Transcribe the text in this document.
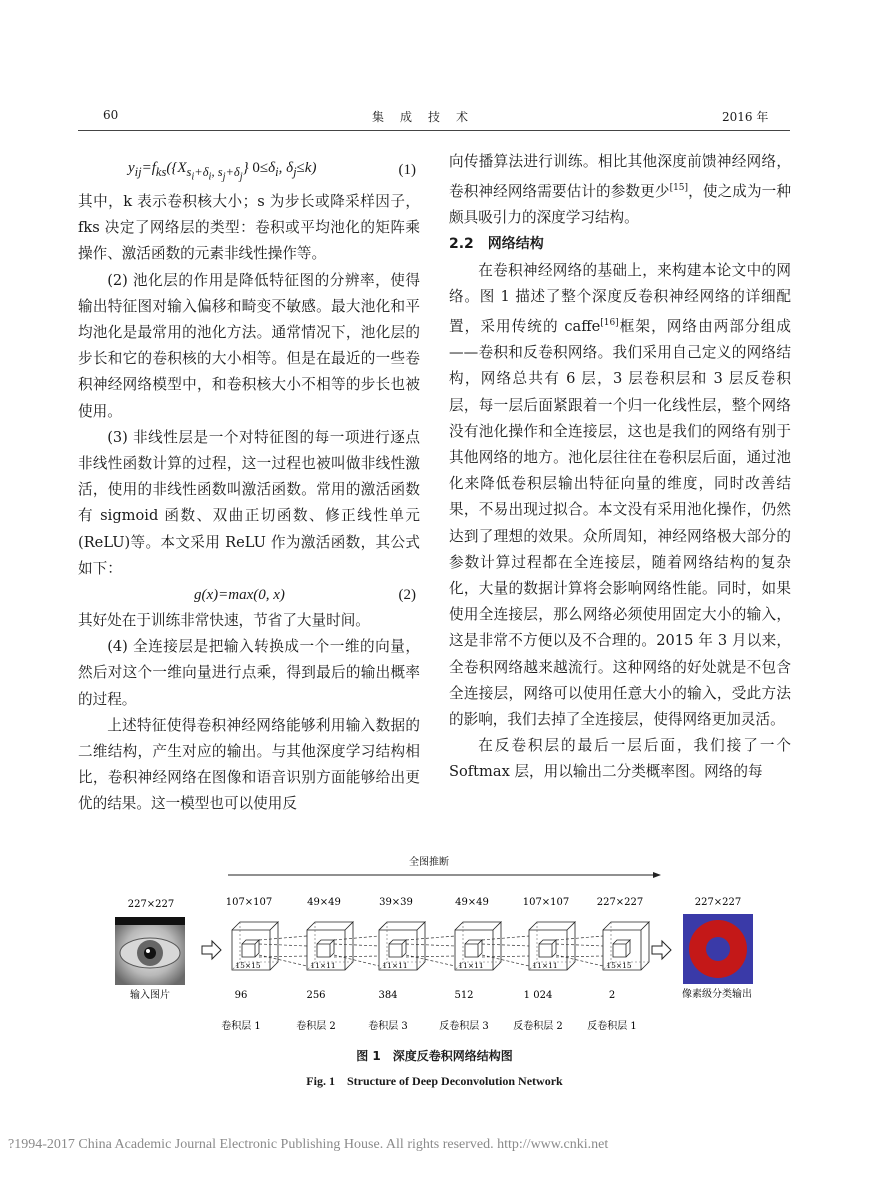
60	集　成　技　术	2016 年
$y_{ij}=f_{ks}(\{X_{s_i+\delta_i, s_j+\delta_j}\}$ $0\le\delta_i$, $\delta_j\le k$)	(1)

其中，k 表示卷积核大小；s 为步长或降采样因子，fks 决定了网络层的类型：卷积或平均池化的矩阵乘操作、激活函数的元素非线性操作等。

(2) 池化层的作用是降低特征图的分辨率，使得输出特征图对输入偏移和畸变不敏感。最大池化和平均池化是最常用的池化方法。通常情况下，池化层的步长和它的卷积核的大小相等。但是在最近的一些卷积神经网络模型中，和卷积核大小不相等的步长也被使用。

(3) 非线性层是一个对特征图的每一项进行逐点非线性函数计算的过程，这一过程也被叫做非线性激活，使用的非线性函数叫激活函数。常用的激活函数有 sigmoid 函数、双曲正切函数、修正线性单元(ReLU)等。本文采用 ReLU 作为激活函数，其公式如下：

g(x)=max(0, x)	(2)

其好处在于训练非常快速，节省了大量时间。

(4) 全连接层是把输入转换成一个一维的向量，然后对这个一维向量进行点乘，得到最后的输出概率的过程。

上述特征使得卷积神经网络能够利用输入数据的二维结构，产生对应的输出。与其他深度学习结构相比，卷积神经网络在图像和语音识别方面能够给出更优的结果。这一模型也可以使用反

向传播算法进行训练。相比其他深度前馈神经网络，卷积神经网络需要估计的参数更少[15]，使之成为一种颇具吸引力的深度学习结构。

2.2　网络结构

在卷积神经网络的基础上，来构建本论文中的网络。图 1 描述了整个深度反卷积神经网络的详细配置，采用传统的 caffe[16]框架，网络由两部分组成——卷积和反卷积网络。我们采用自己定义的网络结构，网络总共有 6 层，3 层卷积层和 3 层反卷积层，每一层后面紧跟着一个归一化线性层，整个网络没有池化操作和全连接层，这也是我们的网络有别于其他网络的地方。池化层往往在卷积层后面，通过池化来降低卷积层输出特征向量的维度，同时改善结果，不易出现过拟合。本文没有采用池化操作，仍然达到了理想的效果。众所周知，神经网络极大部分的参数计算过程都在全连接层，随着网络结构的复杂化，大量的数据计算将会影响网络性能。同时，如果使用全连接层，那么网络必须使用固定大小的输入，这是非常不方便以及不合理的。2015 年 3 月以来，全卷积网络越来越流行。这种网络的好处就是不包含全连接层，网络可以使用任意大小的输入，受此方法的影响，我们去掉了全连接层，使得网络更加灵活。

在反卷积层的最后一层后面，我们接了一个 Softmax 层，用以输出二分类概率图。网络的每

全图推断
227×227
输入图片
107×107
15×15
96
卷积层 1
49×49
11×11
256
卷积层 2
39×39
11×11
384
卷积层 3
49×49
11×11
512
反卷积层 3
107×107
11×11
1 024
反卷积层 2
227×227
15×15
2
反卷积层 1
227×227
像素级分类输出
图 1　深度反卷积网络结构图
Fig. 1　Structure of Deep Deconvolution Network
?1994-2017 China Academic Journal Electronic Publishing House. All rights reserved. http://www.cnki.net
